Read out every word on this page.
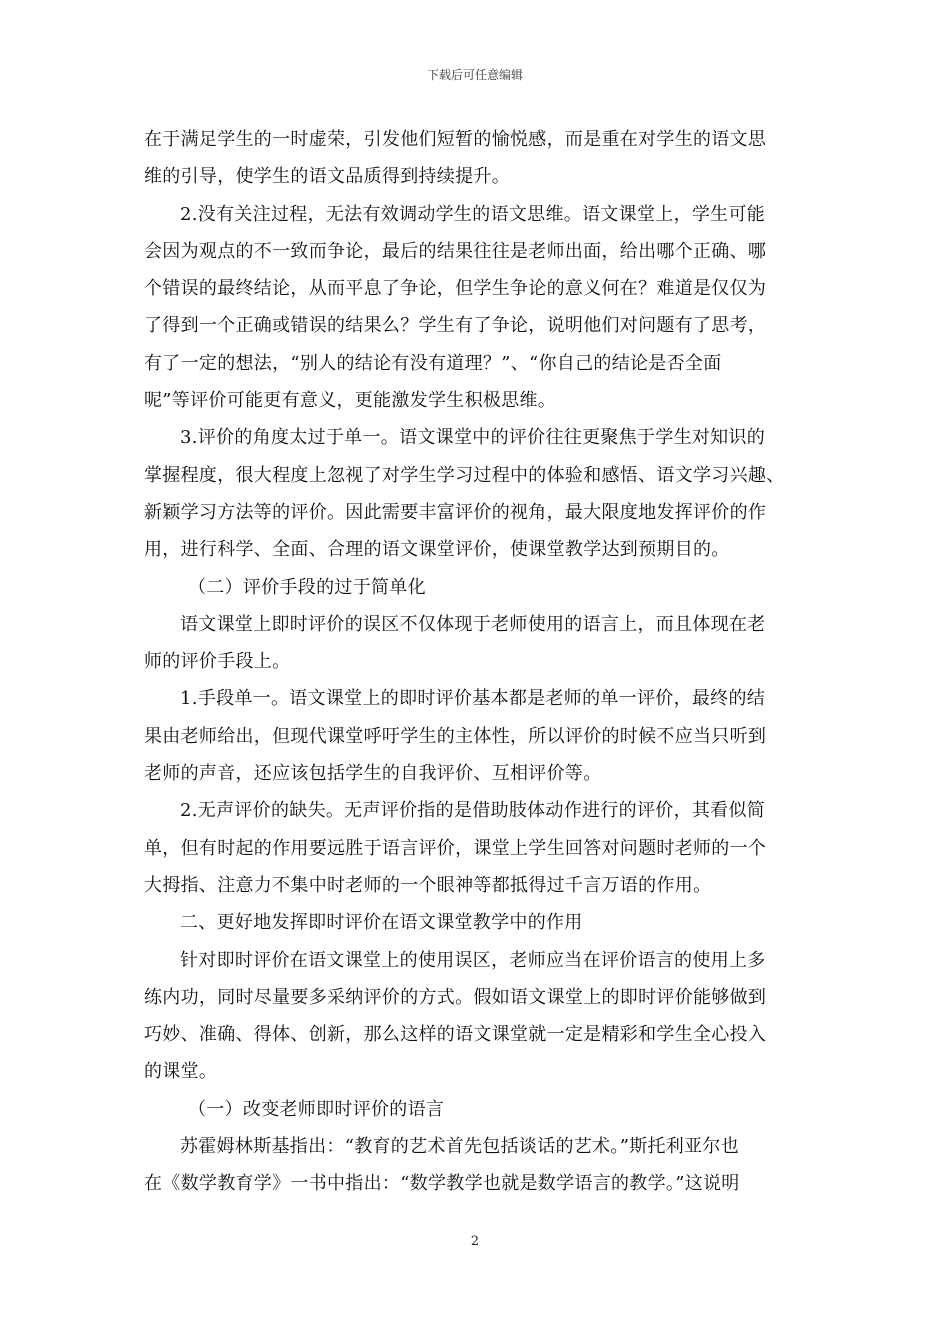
下载后可任意编辑
在于满足学生的一时虚荣，引发他们短暂的愉悦感，而是重在对学生的语文思
维的引导，使学生的语文品质得到持续提升。
2.没有关注过程，无法有效调动学生的语文思维。语文课堂上，学生可能
会因为观点的不一致而争论，最后的结果往往是老师出面，给出哪个正确、哪
个错误的最终结论，从而平息了争论，但学生争论的意义何在？难道是仅仅为
了得到一个正确或错误的结果么？学生有了争论，说明他们对问题有了思考，
有了一定的想法，“别人的结论有没有道理？”、“你自己的结论是否全面
呢”等评价可能更有意义，更能激发学生积极思维。
3.评价的角度太过于单一。语文课堂中的评价往往更聚焦于学生对知识的
掌握程度，很大程度上忽视了对学生学习过程中的体验和感悟、语文学习兴趣、
新颖学习方法等的评价。因此需要丰富评价的视角，最大限度地发挥评价的作
用，进行科学、全面、合理的语文课堂评价，使课堂教学达到预期目的。
（二）评价手段的过于简单化
语文课堂上即时评价的误区不仅体现于老师使用的语言上，而且体现在老
师的评价手段上。
1.手段单一。语文课堂上的即时评价基本都是老师的单一评价，最终的结
果由老师给出，但现代课堂呼吁学生的主体性，所以评价的时候不应当只听到
老师的声音，还应该包括学生的自我评价、互相评价等。
2.无声评价的缺失。无声评价指的是借助肢体动作进行的评价，其看似简
单，但有时起的作用要远胜于语言评价，课堂上学生回答对问题时老师的一个
大拇指、注意力不集中时老师的一个眼神等都抵得过千言万语的作用。
二、更好地发挥即时评价在语文课堂教学中的作用
针对即时评价在语文课堂上的使用误区，老师应当在评价语言的使用上多
练内功，同时尽量要多采纳评价的方式。假如语文课堂上的即时评价能够做到
巧妙、准确、得体、创新，那么这样的语文课堂就一定是精彩和学生全心投入
的课堂。
（一）改变老师即时评价的语言
苏霍姆林斯基指出：“教育的艺术首先包括谈话的艺术。”斯托利亚尔也
在《数学教育学》一书中指出：“数学教学也就是数学语言的教学。”这说明
2
